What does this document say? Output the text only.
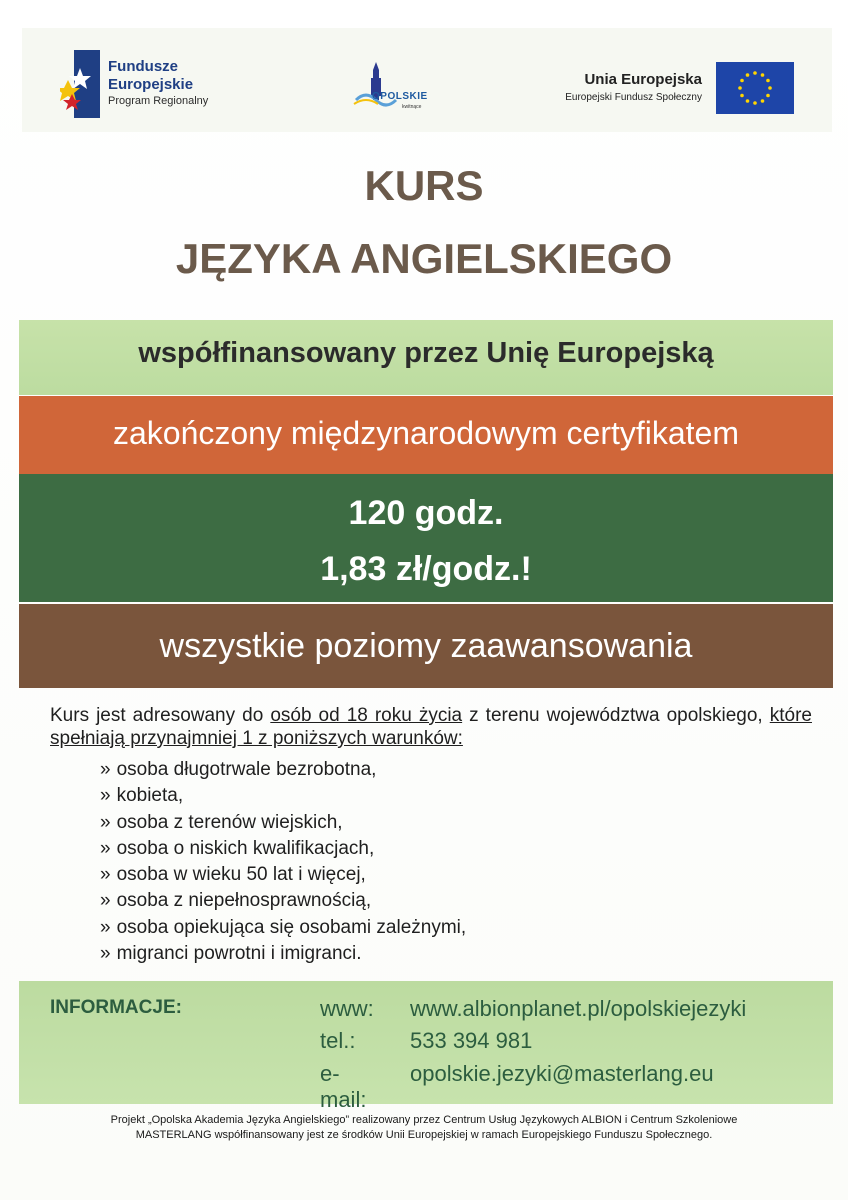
Fundusze
Europejskie
Program Regionalny	OPOLSKIE
kwitnące
Unia Europejska
Europejski Fundusz Społeczny
KURS
JĘZYKA ANGIELSKIEGO
współfinansowany przez Unię Europejską
zakończony międzynarodowym certyfikatem
120 godz.
1,83 zł/godz.!
wszystkie poziomy zaawansowania
Kurs jest adresowany do osób od 18 roku życia z terenu województwa opolskiego, które spełniają przynajmniej 1 z poniższych warunków:
» osoba długotrwale bezrobotna,
» kobieta,
» osoba z terenów wiejskich,
» osoba o niskich kwalifikacjach,
» osoba w wieku 50 lat i więcej,
» osoba z niepełnosprawnością,
» osoba opiekująca się osobami zależnymi,
» migranci powrotni i imigranci.
INFORMACJE:	www: www.albionplanet.pl/opolskiejezyki
tel.: 533 394 981
e-mail:
opolskie.jezyki@masterlang.eu
Projekt „Opolska Akademia Języka Angielskiego” realizowany przez Centrum Usług Językowych ALBION i Centrum Szkoleniowe
MASTERLANG współfinansowany jest ze środków Unii Europejskiej w ramach Europejskiego Funduszu Społecznego.
